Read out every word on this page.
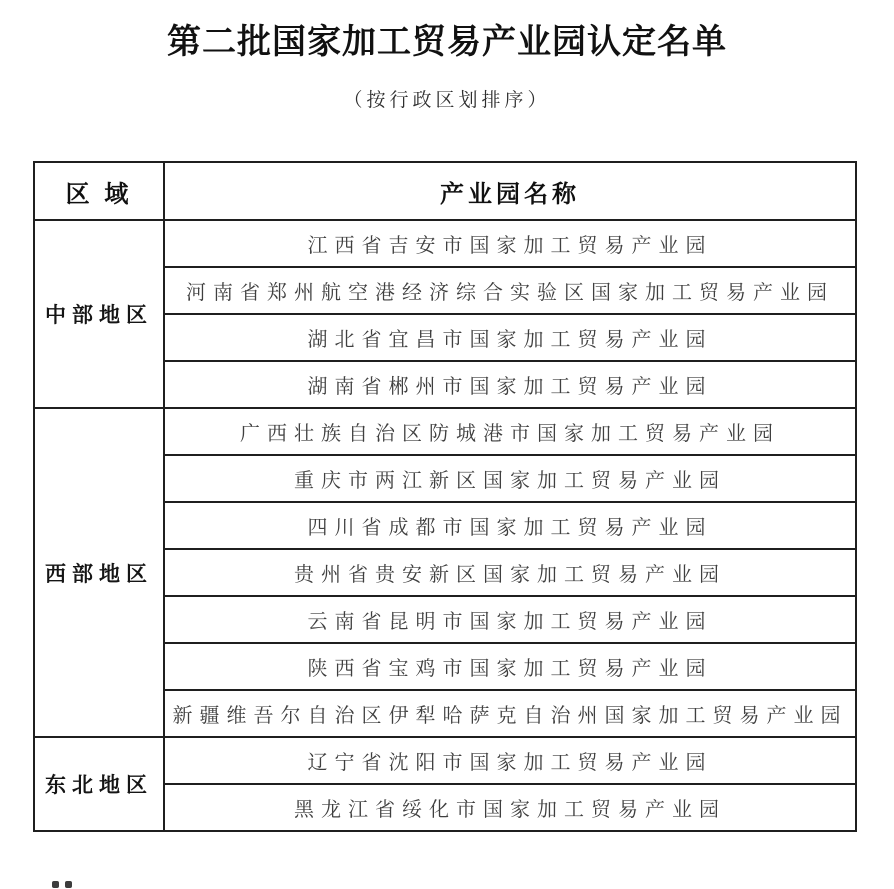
第二批国家加工贸易产业园认定名单
（按行政区划排序）
区 域	产业园名称
中部地区	江西省吉安市国家加工贸易产业园
	河南省郑州航空港经济综合实验区国家加工贸易产业园
	湖北省宜昌市国家加工贸易产业园
	湖南省郴州市国家加工贸易产业园
西部地区	广西壮族自治区防城港市国家加工贸易产业园
	重庆市两江新区国家加工贸易产业园
	四川省成都市国家加工贸易产业园
	贵州省贵安新区国家加工贸易产业园
	云南省昆明市国家加工贸易产业园
	陕西省宝鸡市国家加工贸易产业园
	新疆维吾尔自治区伊犁哈萨克自治州国家加工贸易产业园
东北地区	辽宁省沈阳市国家加工贸易产业园
	黑龙江省绥化市国家加工贸易产业园
